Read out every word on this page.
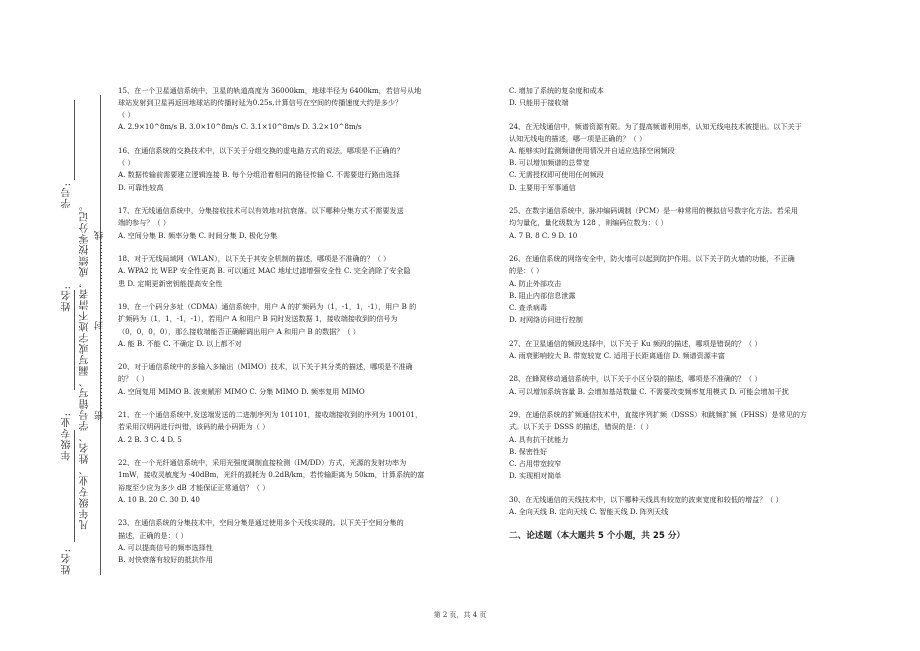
学号:
姓名:
年级专业:
姓名:
凡年级专业、姓名、学号错写、漏写或字迹不清者，成绩按零分记。 密……………………封……………………线

15、在一个卫星通信系统中，卫星的轨道高度为 36000km，地球半径为 6400km，若信号从地

球站发射到卫星再返回地球站的传播时延为0.25s,计算信号在空间的传播速度大约是多少？

（ ）

A. 2.9×10^8m/s B. 3.0×10^8m/s C. 3.1×10^8m/s D. 3.2×10^8m/s

16、在通信系统的交换技术中，以下关于分组交换的虚电路方式的说法，哪项是不正确的？

（ ）

A. 数据传输前需要建立逻辑连接 B. 每个分组沿着相同的路径传输 C. 不需要进行路由选择

D. 可靠性较高

17、在无线通信系统中，分集接收技术可以有效地对抗衰落。以下哪种分集方式不需要发送

端的参与？（ ）

A. 空间分集 B. 频率分集 C. 时间分集 D. 极化分集

18、对于无线局域网（WLAN），以下关于其安全机制的描述，哪项是不准确的？（ ）

A. WPA2 比 WEP 安全性更高 B. 可以通过 MAC 地址过滤增强安全性 C. 完全消除了安全隐

患 D. 定期更新密钥能提高安全性

19、在一个码分多址（CDMA）通信系统中，用户 A 的扩频码为（1，-1，1，-1），用户 B 的

扩频码为（1，1，-1，-1），若用户 A 和用户 B 同时发送数据 1，接收端接收到的信号为

（0，0，0，0），那么接收端能否正确解调出用户 A 和用户 B 的数据？（ ）

A. 能 B. 不能 C. 不确定 D. 以上都不对

20、对于通信系统中的多输入多输出（MIMO）技术，以下关于其分类的描述，哪项是不准确

的？（ ）

A. 空间复用 MIMO B. 波束赋形 MIMO C. 分集 MIMO D. 频率复用 MIMO

21、在一个通信系统中,发送端发送的二进制序列为 101101，接收端接收到的序列为 100101，

若采用汉明码进行纠错，该码的最小码距为（ ）

A. 2 B. 3 C. 4 D. 5

22、在一个光纤通信系统中，采用光强度调制直接检测（IM/DD）方式，光源的发射功率为

1mW，接收灵敏度为 -40dBm，光纤的损耗为 0.2dB/km，若传输距离为 50km，计算系统的富

裕度至少应为多少 dB 才能保证正常通信？（ ）

A. 10 B. 20 C. 30 D. 40

23、在通信系统的分集技术中，空间分集是通过使用多个天线实现的。以下关于空间分集的

描述，正确的是：（ ）

A. 可以提高信号的频率选择性

B. 对快衰落有较好的抵抗作用

C. 增加了系统的复杂度和成本

D. 只能用于接收端

24、在无线通信中，频谱资源有限。为了提高频谱利用率，认知无线电技术被提出。以下关于

认知无线电的描述，哪一项是正确的？（ ）

A. 能够实时监测频谱使用情况并自适应选择空闲频段

B. 可以增加频谱的总带宽

C. 无需授权即可使用任何频段

D. 主要用于军事通信

25、在数字通信系统中，脉冲编码调制（PCM）是一种常用的模拟信号数字化方法。若采用

均匀量化，量化级数为 128 ，则编码位数为：（ ）

A. 7 B. 8 C. 9 D. 10

26、在通信系统的网络安全中，防火墙可以起到防护作用。以下关于防火墙的功能，不正确

的是：（ ）

A. 防止外部攻击

B. 阻止内部信息泄露

C. 查杀病毒

D. 对网络访问进行控制

27、在卫星通信的频段选择中，以下关于 Ku 频段的描述，哪项是错误的？（ ）

A. 雨衰影响较大 B. 带宽较宽 C. 适用于长距离通信 D. 频谱资源丰富

28、在蜂窝移动通信系统中，以下关于小区分裂的描述，哪项是不准确的？（ ）

A. 可以增加系统容量 B. 会增加基站数量 C. 不需要改变频率复用模式 D. 可能会增加干扰

29、在通信系统的扩频通信技术中，直接序列扩频（DSSS）和跳频扩频（FHSS）是常见的方

式。以下关于 DSSS 的描述，错误的是：（ ）

A. 具有抗干扰能力

B. 保密性好

C. 占用带宽较窄

D. 实现相对简单

30、在无线通信的天线技术中，以下哪种天线具有较宽的波束宽度和较低的增益？（ ）

A. 全向天线 B. 定向天线 C. 智能天线 D. 阵列天线

二、论述题（本大题共 5 个小题，共 25 分）
第 2 页，共 4 页
